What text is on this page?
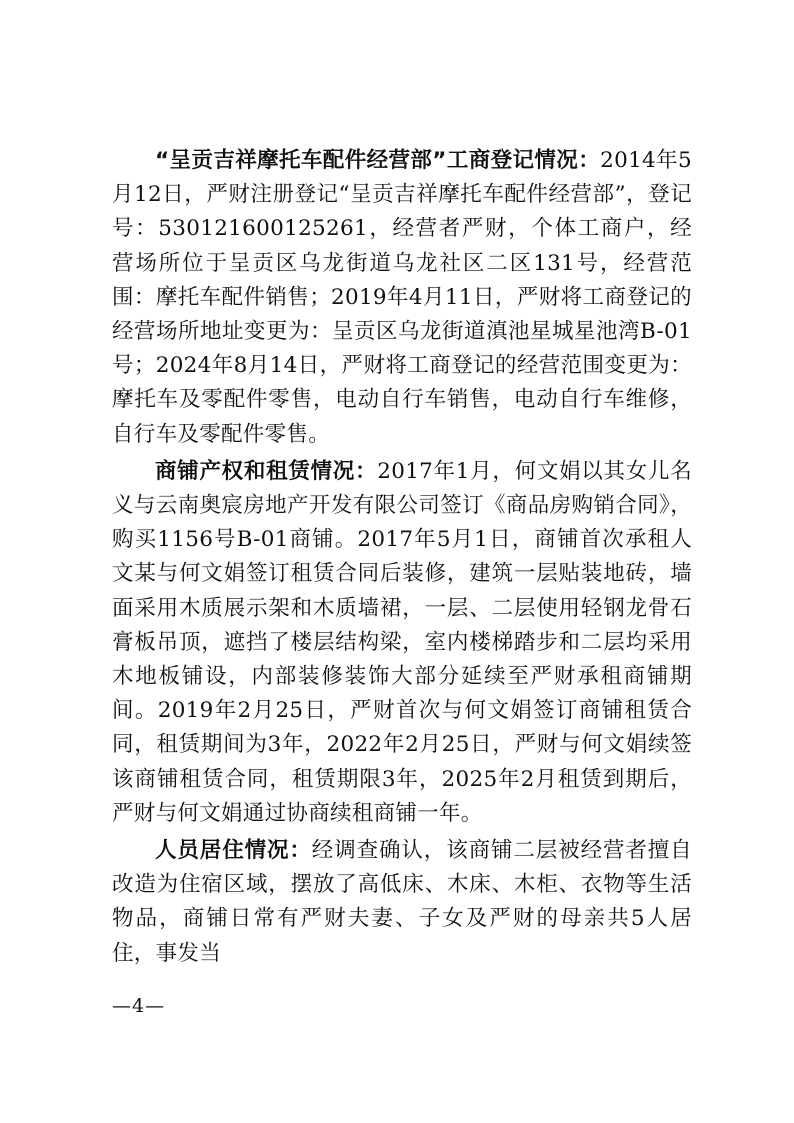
“呈贡吉祥摩托车配件经营部”工商登记情况：2014年5月12日，严财注册登记“呈贡吉祥摩托车配件经营部”，登记号：530121600125261，经营者严财，个体工商户，经营场所位于呈贡区乌龙街道乌龙社区二区131号，经营范围：摩托车配件销售；2019年4月11日，严财将工商登记的经营场所地址变更为：呈贡区乌龙街道滇池星城星池湾B-01号；2024年8月14日，严财将工商登记的经营范围变更为：摩托车及零配件零售，电动自行车销售，电动自行车维修，自行车及零配件零售。

商铺产权和租赁情况：2017年1月，何文娟以其女儿名义与云南奥宸房地产开发有限公司签订《商品房购销合同》，购买1156号B-01商铺。2017年5月1日，商铺首次承租人文某与何文娟签订租赁合同后装修，建筑一层贴装地砖，墙面采用木质展示架和木质墙裙，一层、二层使用轻钢龙骨石膏板吊顶，遮挡了楼层结构梁，室内楼梯踏步和二层均采用木地板铺设，内部装修装饰大部分延续至严财承租商铺期间。2019年2月25日，严财首次与何文娟签订商铺租赁合同，租赁期间为3年，2022年2月25日，严财与何文娟续签该商铺租赁合同，租赁期限3年，2025年2月租赁到期后，严财与何文娟通过协商续租商铺一年。

人员居住情况：经调查确认，该商铺二层被经营者擅自改造为住宿区域，摆放了高低床、木床、木柜、衣物等生活物品，商铺日常有严财夫妻、子女及严财的母亲共5人居住，事发当

—4—
